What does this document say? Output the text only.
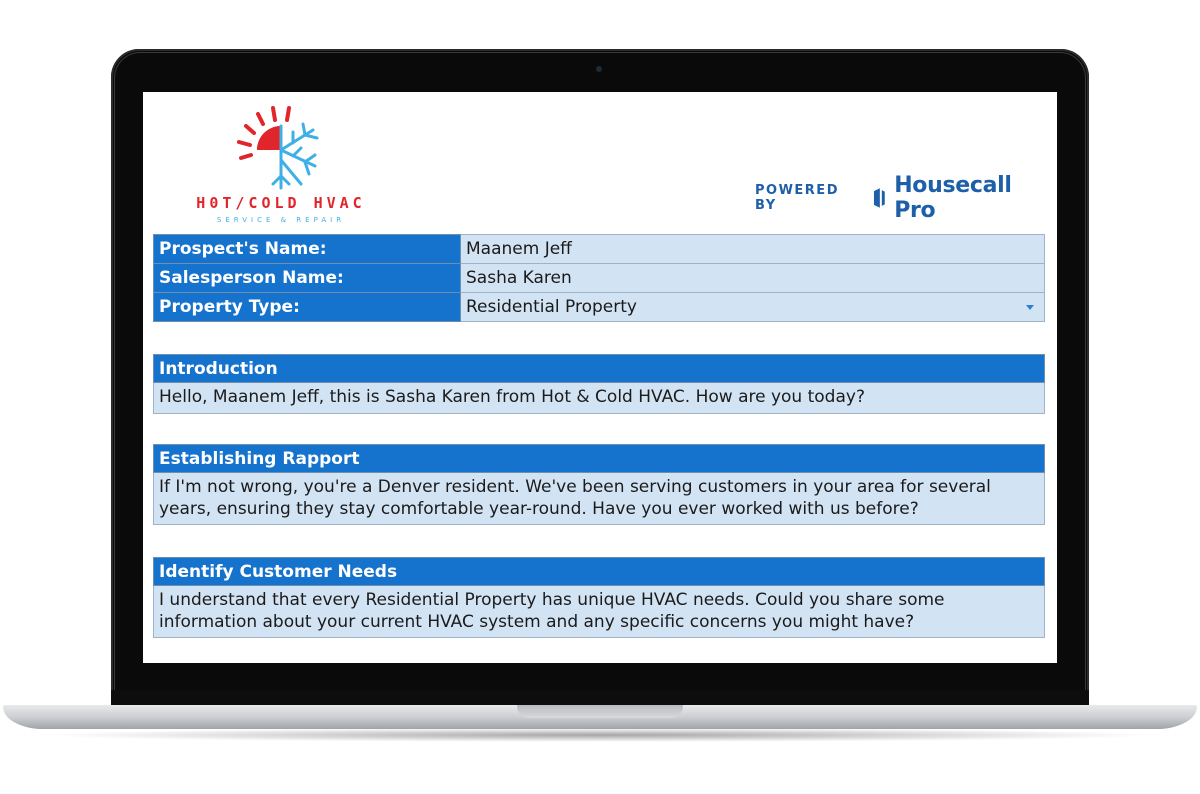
H0T/COLD HVAC
SERVICE & REPAIR
POWERED BY
Housecall Pro
Prospect's Name:	Maanem Jeff
Salesperson Name:	Sasha Karen
Property Type:	Residential Property
Introduction
Hello, Maanem Jeff, this is Sasha Karen from Hot & Cold HVAC. How are you today?
Establishing Rapport
If I'm not wrong, you're a Denver resident. We've been serving customers in your area for several years, ensuring they stay comfortable year-round. Have you ever worked with us before?
Identify Customer Needs
I understand that every Residential Property has unique HVAC needs. Could you share some information about your current HVAC system and any specific concerns you might have?
